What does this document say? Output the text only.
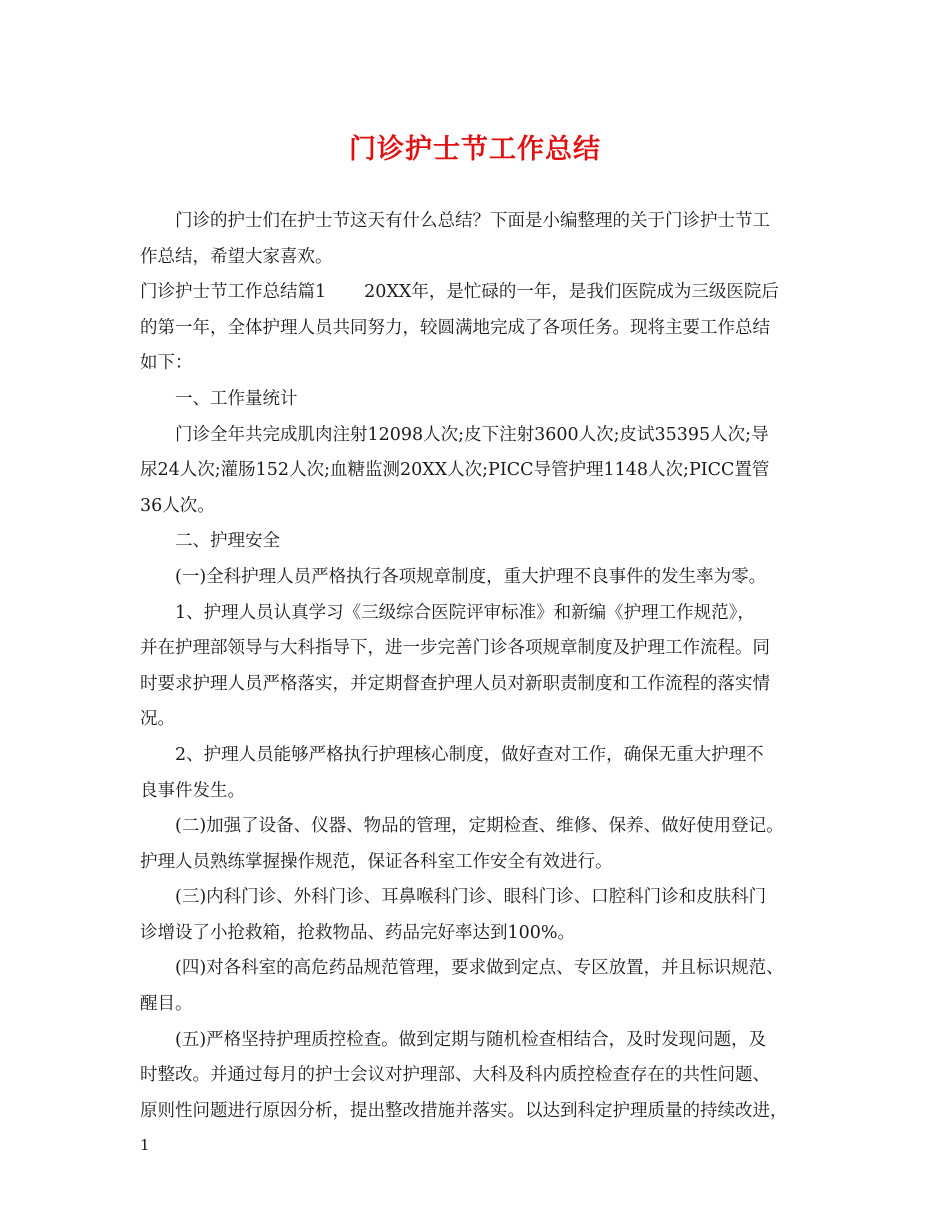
门诊护士节工作总结
门诊的护士们在护士节这天有什么总结？下面是小编整理的关于门诊护士节工
作总结，希望大家喜欢。
门诊护士节工作总结篇1 20XX年，是忙碌的一年，是我们医院成为三级医院后
的第一年，全体护理人员共同努力，较圆满地完成了各项任务。现将主要工作总结
如下：
一、工作量统计
门诊全年共完成肌肉注射12098人次;皮下注射3600人次;皮试35395人次;导
尿24人次;灌肠152人次;血糖监测20XX人次;PICC导管护理1148人次;PICC置管
36人次。
二、护理安全
(一)全科护理人员严格执行各项规章制度，重大护理不良事件的发生率为零。
1、护理人员认真学习《三级综合医院评审标准》和新编《护理工作规范》，
并在护理部领导与大科指导下，进一步完善门诊各项规章制度及护理工作流程。同
时要求护理人员严格落实，并定期督查护理人员对新职责制度和工作流程的落实情
况。
2、护理人员能够严格执行护理核心制度，做好查对工作，确保无重大护理不
良事件发生。
(二)加强了设备、仪器、物品的管理，定期检查、维修、保养、做好使用登记。
护理人员熟练掌握操作规范，保证各科室工作安全有效进行。
(三)内科门诊、外科门诊、耳鼻喉科门诊、眼科门诊、口腔科门诊和皮肤科门
诊增设了小抢救箱，抢救物品、药品完好率达到100%。
(四)对各科室的高危药品规范管理，要求做到定点、专区放置，并且标识规范、
醒目。
(五)严格坚持护理质控检查。做到定期与随机检查相结合，及时发现问题，及
时整改。并通过每月的护士会议对护理部、大科及科内质控检查存在的共性问题、
原则性问题进行原因分析，提出整改措施并落实。以达到科定护理质量的持续改进，
1
